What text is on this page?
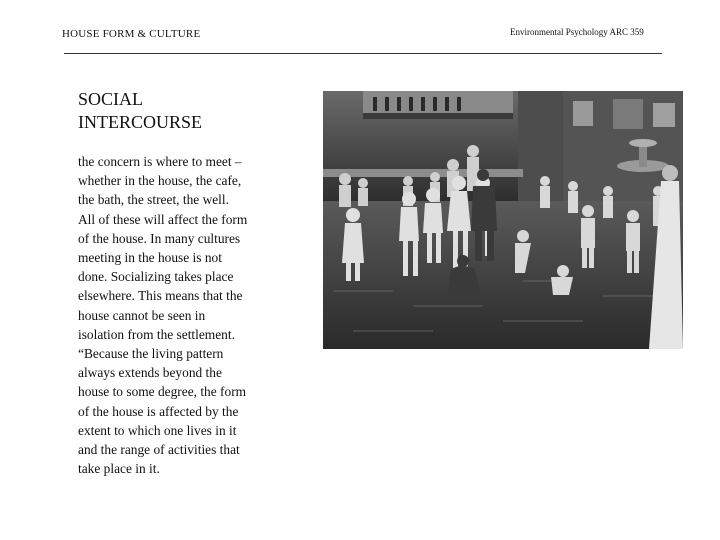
HOUSE FORM & CULTURE	Environmental Psychology ARC 359
SOCIAL
INTERCOURSE
the concern is where to meet –
whether in the house, the cafe,
the bath, the street, the well.
All of these will affect the form
of the house. In many cultures
meeting in the house is not
done. Socializing takes place
elsewhere. This means that the
house cannot be seen in
isolation from the settlement.
“Because the living pattern
always extends beyond the
house to some degree, the form
of the house is affected by the
extent to which one lives in it
and the range of activities that
take place in it.
